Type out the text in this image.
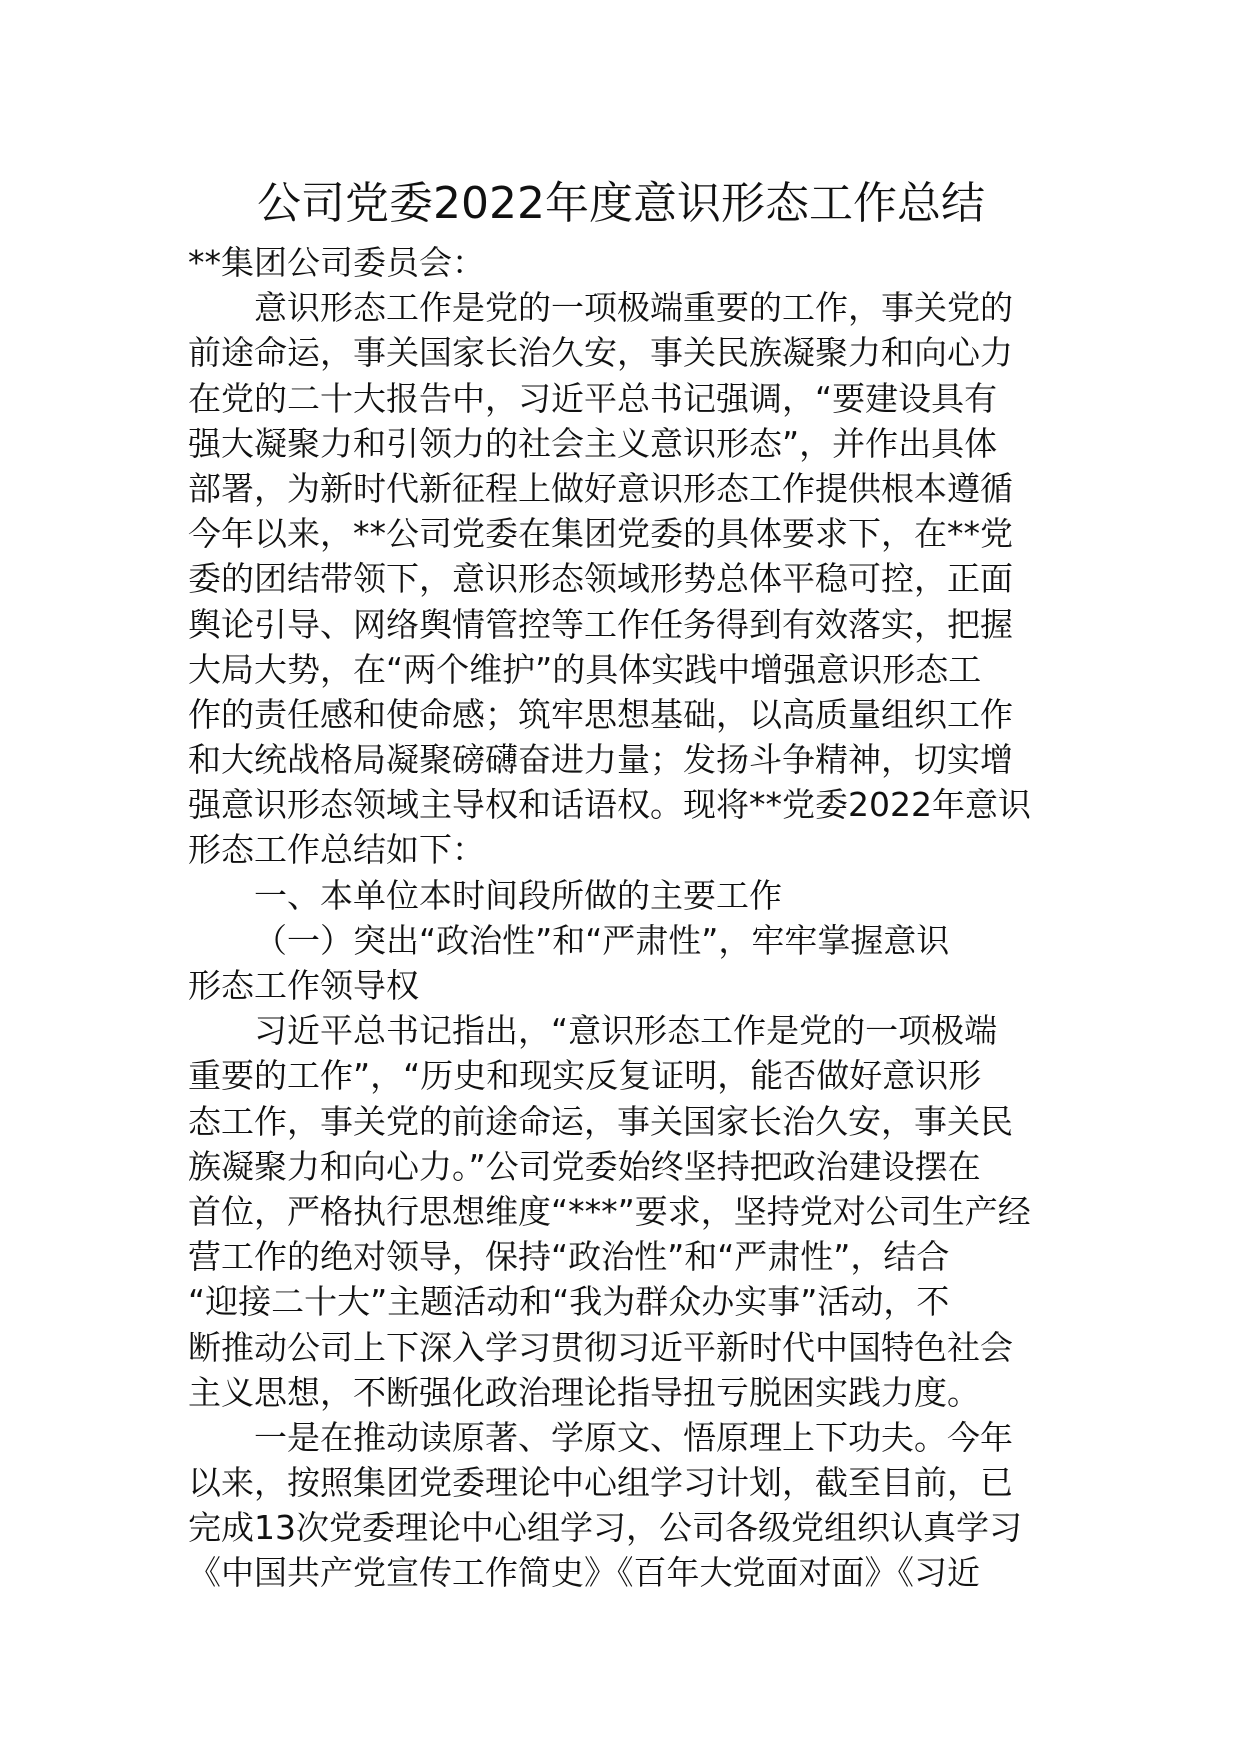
公司党委2022年度意识形态工作总结
**集团公司委员会：
意识形态工作是党的一项极端重要的工作，事关党的
前途命运，事关国家长治久安，事关民族凝聚力和向心力
在党的二十大报告中，习近平总书记强调，“要建设具有
强大凝聚力和引领力的社会主义意识形态”，并作出具体
部署，为新时代新征程上做好意识形态工作提供根本遵循
今年以来，**公司党委在集团党委的具体要求下，在**党
委的团结带领下，意识形态领域形势总体平稳可控，正面
舆论引导、网络舆情管控等工作任务得到有效落实，把握
大局大势，在“两个维护”的具体实践中增强意识形态工
作的责任感和使命感；筑牢思想基础，以高质量组织工作
和大统战格局凝聚磅礴奋进力量；发扬斗争精神，切实增
强意识形态领域主导权和话语权。现将**党委2022年意识
形态工作总结如下：
一、本单位本时间段所做的主要工作
（一）突出“政治性”和“严肃性”，牢牢掌握意识
形态工作领导权
习近平总书记指出，“意识形态工作是党的一项极端
重要的工作”，“历史和现实反复证明，能否做好意识形
态工作，事关党的前途命运，事关国家长治久安，事关民
族凝聚力和向心力。”公司党委始终坚持把政治建设摆在
首位，严格执行思想维度“***”要求，坚持党对公司生产经
营工作的绝对领导，保持“政治性”和“严肃性”，结合
“迎接二十大”主题活动和“我为群众办实事”活动，不
断推动公司上下深入学习贯彻习近平新时代中国特色社会
主义思想，不断强化政治理论指导扭亏脱困实践力度。
一是在推动读原著、学原文、悟原理上下功夫。今年
以来，按照集团党委理论中心组学习计划，截至目前，已
完成13次党委理论中心组学习，公司各级党组织认真学习
《中国共产党宣传工作简史》《百年大党面对面》《习近
